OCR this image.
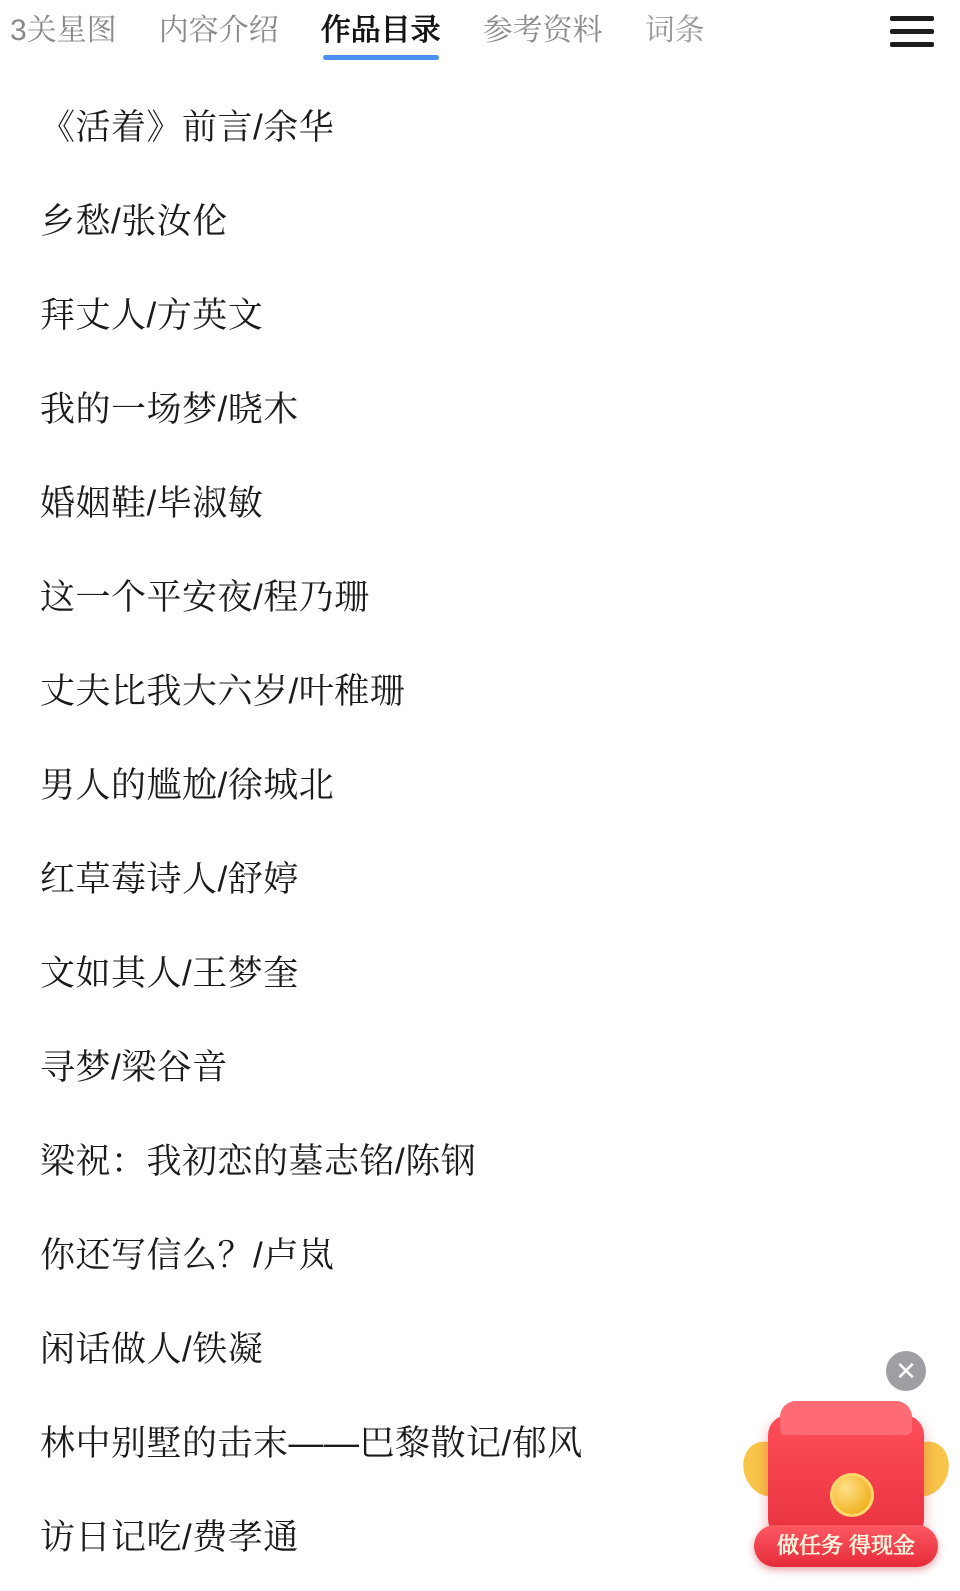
3关星图 内容介绍 作品目录 参考资料 词条
《活着》前言/余华
乡愁/张汝伦
拜丈人/方英文
我的一场梦/晓木
婚姻鞋/毕淑敏
这一个平安夜/程乃珊
丈夫比我大六岁/叶稚珊
男人的尴尬/徐城北
红草莓诗人/舒婷
文如其人/王梦奎
寻梦/梁谷音
梁祝：我初恋的墓志铭/陈钢
你还写信么？/卢岚
闲话做人/铁凝
林中别墅的击末——巴黎散记/郁风
访日记吃/费孝通
✕
做任务 得现金
